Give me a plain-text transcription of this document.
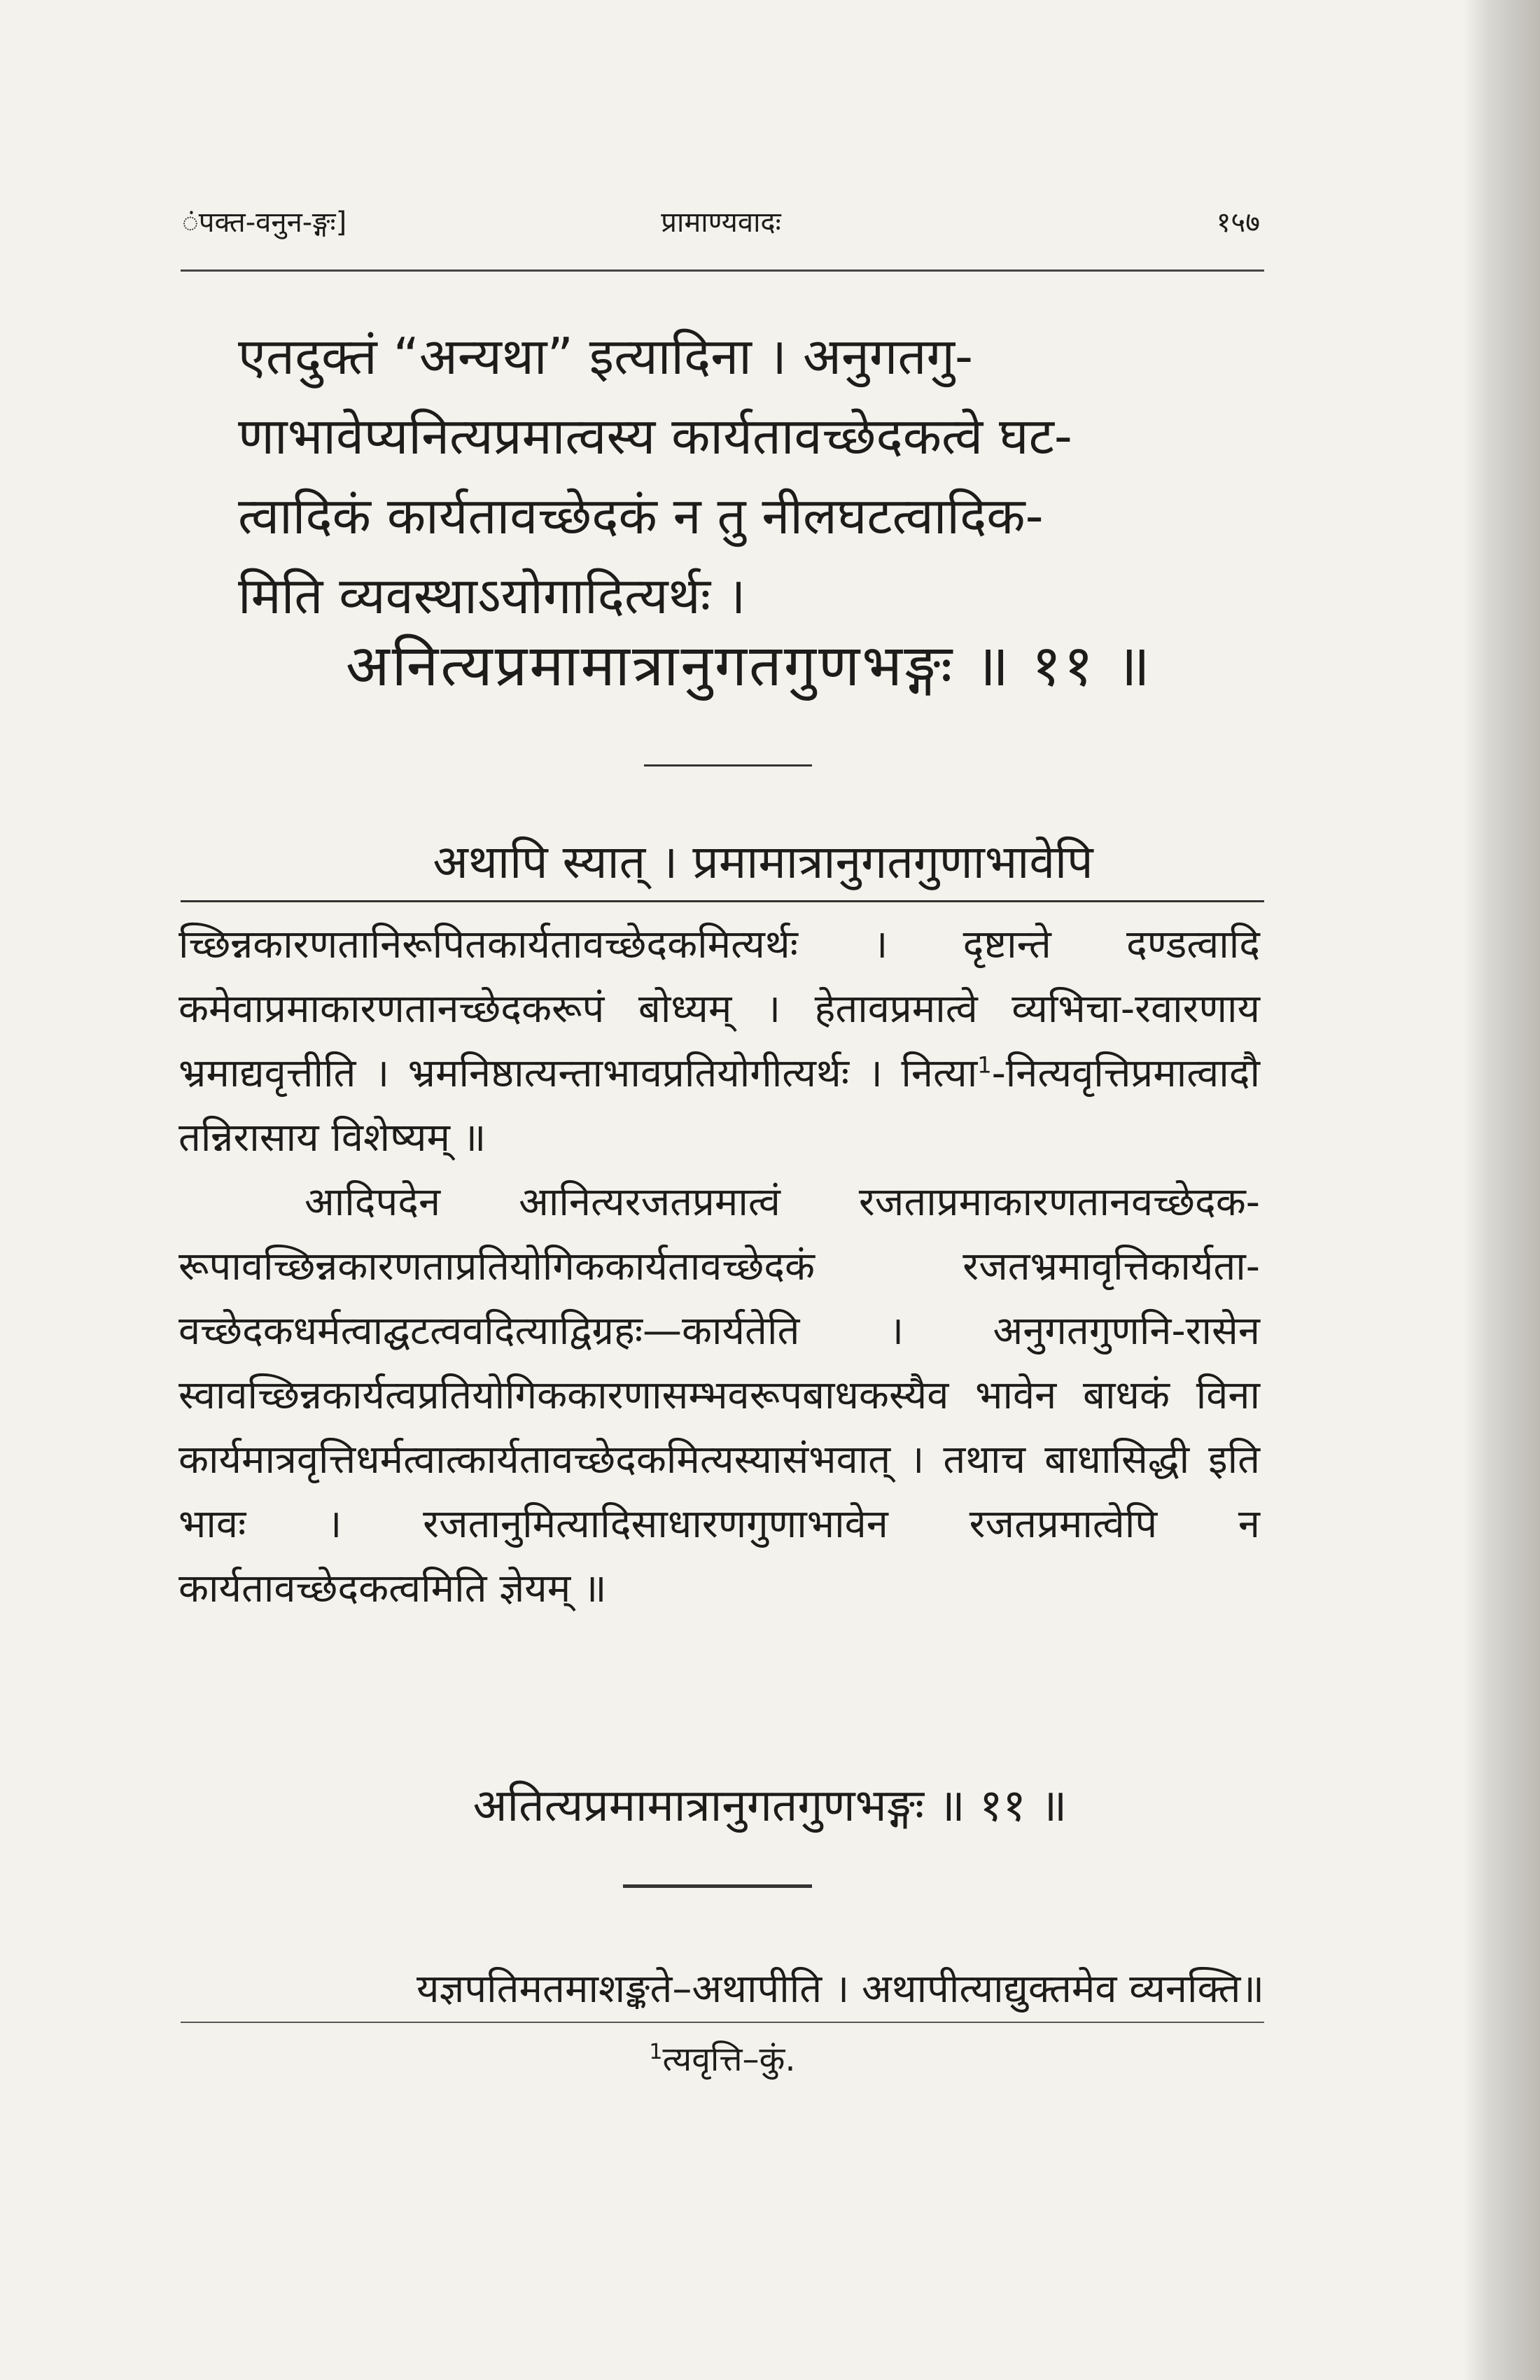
ंपक्त-वनुन-ङ्गः]	प्रामाण्यवादः	१५७
एतदुक्तं “अन्यथा” इत्यादिना । अनुगतगु-
णाभावेप्यनित्यप्रमात्वस्य कार्यतावच्छेदकत्वे घट-
त्वादिकं कार्यतावच्छेदकं न तु नीलघटत्वादिक-
मिति व्यवस्थाऽयोगादित्यर्थः ।
अनित्यप्रमामात्रानुगतगुणभङ्गः ॥ ११ ॥
अथापि स्यात् । प्रमामात्रानुगतगुणाभावेपि

च्छिन्नकारणतानिरूपितकार्यतावच्छेदकमित्यर्थः । दृष्टान्ते दण्डत्वादि कमेवाप्रमाकारणतानच्छेदकरूपं बोध्यम् । हेतावप्रमात्वे व्यभिचा-रवारणाय भ्रमाद्यवृत्तीति । भ्रमनिष्ठात्यन्ताभावप्रतियोगीत्यर्थः । नित्या$^1$-नित्यवृत्तिप्रमात्वादौ तन्निरासाय विशेष्यम् ॥

आदिपदेन आनित्यरजतप्रमात्वं रजताप्रमाकारणतानवच्छेदक-रूपावच्छिन्नकारणताप्रतियोगिककार्यतावच्छेदकं रजतभ्रमावृत्तिकार्यता-वच्छेदकधर्मत्वाद्घटत्ववदित्याद्विग्रहः—कार्यतेति । अनुगतगुणनि-रासेन स्वावच्छिन्नकार्यत्वप्रतियोगिककारणासम्भवरूपबाधकस्यैव भावेन बाधकं विना कार्यमात्रवृत्तिधर्मत्वात्कार्यतावच्छेदकमित्यस्यासंभवात् । तथाच बाधासिद्धी इति भावः । रजतानुमित्यादिसाधारणगुणाभावेन रजतप्रमात्वेपि न कार्यतावच्छेदकत्वमिति ज्ञेयम् ॥

अतित्यप्रमामात्रानुगतगुणभङ्गः ॥ ११ ॥
यज्ञपतिमतमाशङ्कते–अथापीति । अथापीत्याद्युक्तमेव व्यनक्ति॥
$^1$त्यवृत्ति–कुं.
